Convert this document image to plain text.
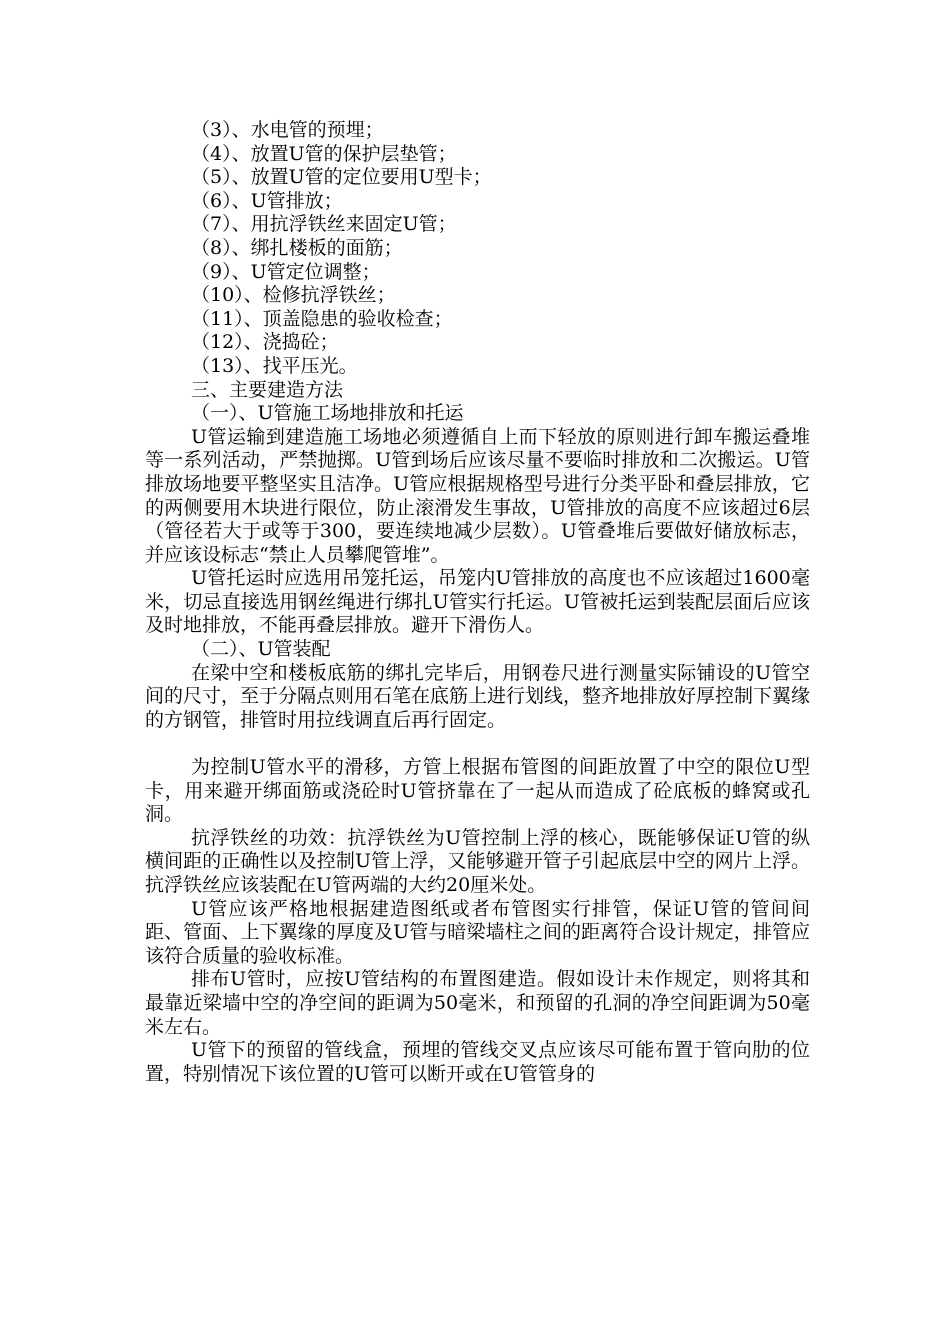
（3）、水电管的预埋；

（4）、放置U管的保护层垫管；

（5）、放置U管的定位要用U型卡；

（6）、U管排放；

（7）、用抗浮铁丝来固定U管；

（8）、绑扎楼板的面筋；

（9）、U管定位调整；

（10）、检修抗浮铁丝；

（11）、顶盖隐患的验收检查；

（12）、浇捣砼；

（13）、找平压光。

三、主要建造方法

（一）、U管施工场地排放和托运

U管运输到建造施工场地必须遵循自上而下轻放的原则进行卸车搬运叠堆等一系列活动，严禁抛掷。U管到场后应该尽量不要临时排放和二次搬运。U管排放场地要平整坚实且洁净。U管应根据规格型号进行分类平卧和叠层排放，它的两侧要用木块进行限位，防止滚滑发生事故，U管排放的高度不应该超过6层（管径若大于或等于300，要连续地减少层数）。U管叠堆后要做好储放标志，并应该设标志“禁止人员攀爬管堆”。

U管托运时应选用吊笼托运，吊笼内U管排放的高度也不应该超过1600毫米，切忌直接选用钢丝绳进行绑扎U管实行托运。U管被托运到装配层面后应该及时地排放，不能再叠层排放。避开下滑伤人。

（二）、U管装配

在梁中空和楼板底筋的绑扎完毕后，用钢卷尺进行测量实际铺设的U管空间的尺寸，至于分隔点则用石笔在底筋上进行划线，整齐地排放好厚控制下翼缘的方钢管，排管时用拉线调直后再行固定。

为控制U管水平的滑移，方管上根据布管图的间距放置了中空的限位U型卡，用来避开绑面筋或浇砼时U管挤靠在了一起从而造成了砼底板的蜂窝或孔洞。

抗浮铁丝的功效：抗浮铁丝为U管控制上浮的核心，既能够保证U管的纵横间距的正确性以及控制U管上浮，又能够避开管子引起底层中空的网片上浮。抗浮铁丝应该装配在U管两端的大约20厘米处。

U管应该严格地根据建造图纸或者布管图实行排管，保证U管的管间间距、管面、上下翼缘的厚度及U管与暗梁墙柱之间的距离符合设计规定，排管应该符合质量的验收标准。

排布U管时，应按U管结构的布置图建造。假如设计未作规定，则将其和最靠近梁墙中空的净空间的距调为50毫米，和预留的孔洞的净空间距调为50毫米左右。

U管下的预留的管线盒，预埋的管线交叉点应该尽可能布置于管向肋的位置，特别情况下该位置的U管可以断开或在U管管身的
